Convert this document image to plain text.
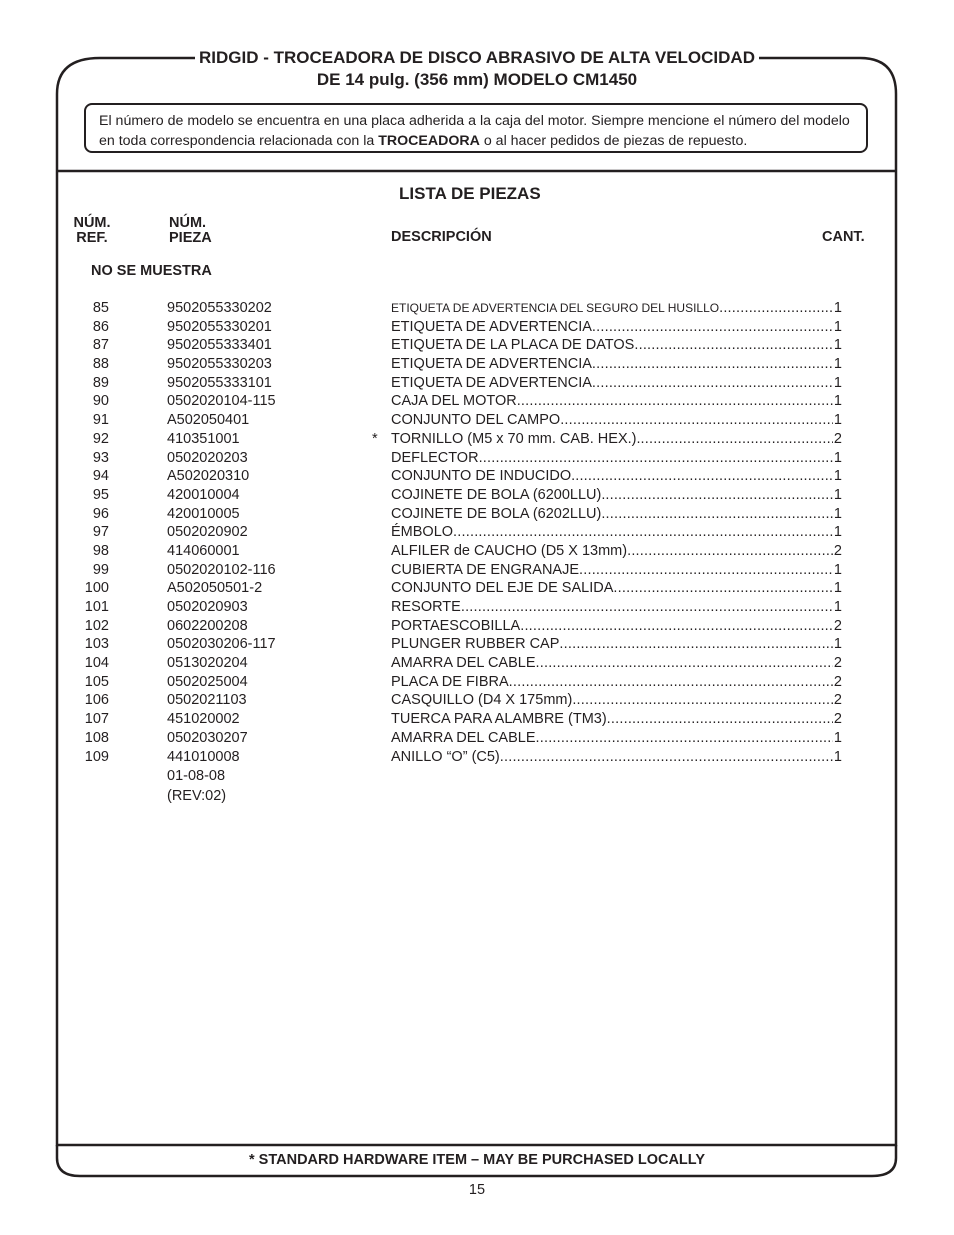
RIDGID - TROCEADORA DE DISCO ABRASIVO DE ALTA VELOCIDAD
DE 14 pulg. (356 mm) MODELO CM1450
El número de modelo se encuentra en una placa adherida a la caja del motor. Siempre mencione el número del modelo en toda correspondencia relacionada con la TROCEADORA o al hacer pedidos de piezas de repuesto.
LISTA DE PIEZAS
NÚM.
REF.
NÚM.
PIEZA	DESCRIPCIÓN	CANT.
NO SE MUESTRA
85	9502055330202	ETIQUETA DE ADVERTENCIA DEL SEGURO DEL HUSILLO .....	1
86	9502055330201	ETIQUETA DE ADVERTENCIA .....	1
87	9502055333401	ETIQUETA DE LA PLACA DE DATOS .....	1
88	9502055330203	ETIQUETA DE ADVERTENCIA .....	1
89	9502055333101	ETIQUETA DE ADVERTENCIA .....	1
90	0502020104-115	CAJA DEL MOTOR .....	1
91	A502050401	CONJUNTO DEL CAMPO .....	1
92	410351001	* TORNILLO (M5 x 70 mm. CAB. HEX.). .....	2
93	0502020203	DEFLECTOR .....	1
94	A502020310	CONJUNTO DE INDUCIDO. .....	1
95	420010004	COJINETE DE BOLA (6200LLU). .....	1
96	420010005	COJINETE DE BOLA (6202LLU) .....	1
97	0502020902	ÉMBOLO .....	1
98	414060001	ALFILER de CAUCHO (D5 X 13mm) .....	2
99	0502020102-116	CUBIERTA DE ENGRANAJE .....	1
100	A502050501-2	CONJUNTO DEL EJE DE SALIDA .....	1
101	0502020903	RESORTE .....	1
102	0602200208	PORTAESCOBILLA .....	2
103	0502030206-117	PLUNGER RUBBER CAP .....	1
104	0513020204	AMARRA DEL CABLE .....	2
105	0502025004	PLACA DE FIBRA .....	2
106	0502021103	CASQUILLO (D4 X 175mm) .....	2
107	451020002	TUERCA PARA ALAMBRE (TM3) .....	2
108	0502030207	AMARRA DEL CABLE .....	1
109	441010008	ANILLO “O” (C5) .....	1
01-08-08
(REV:02)
* STANDARD HARDWARE ITEM – MAY BE PURCHASED LOCALLY
15
